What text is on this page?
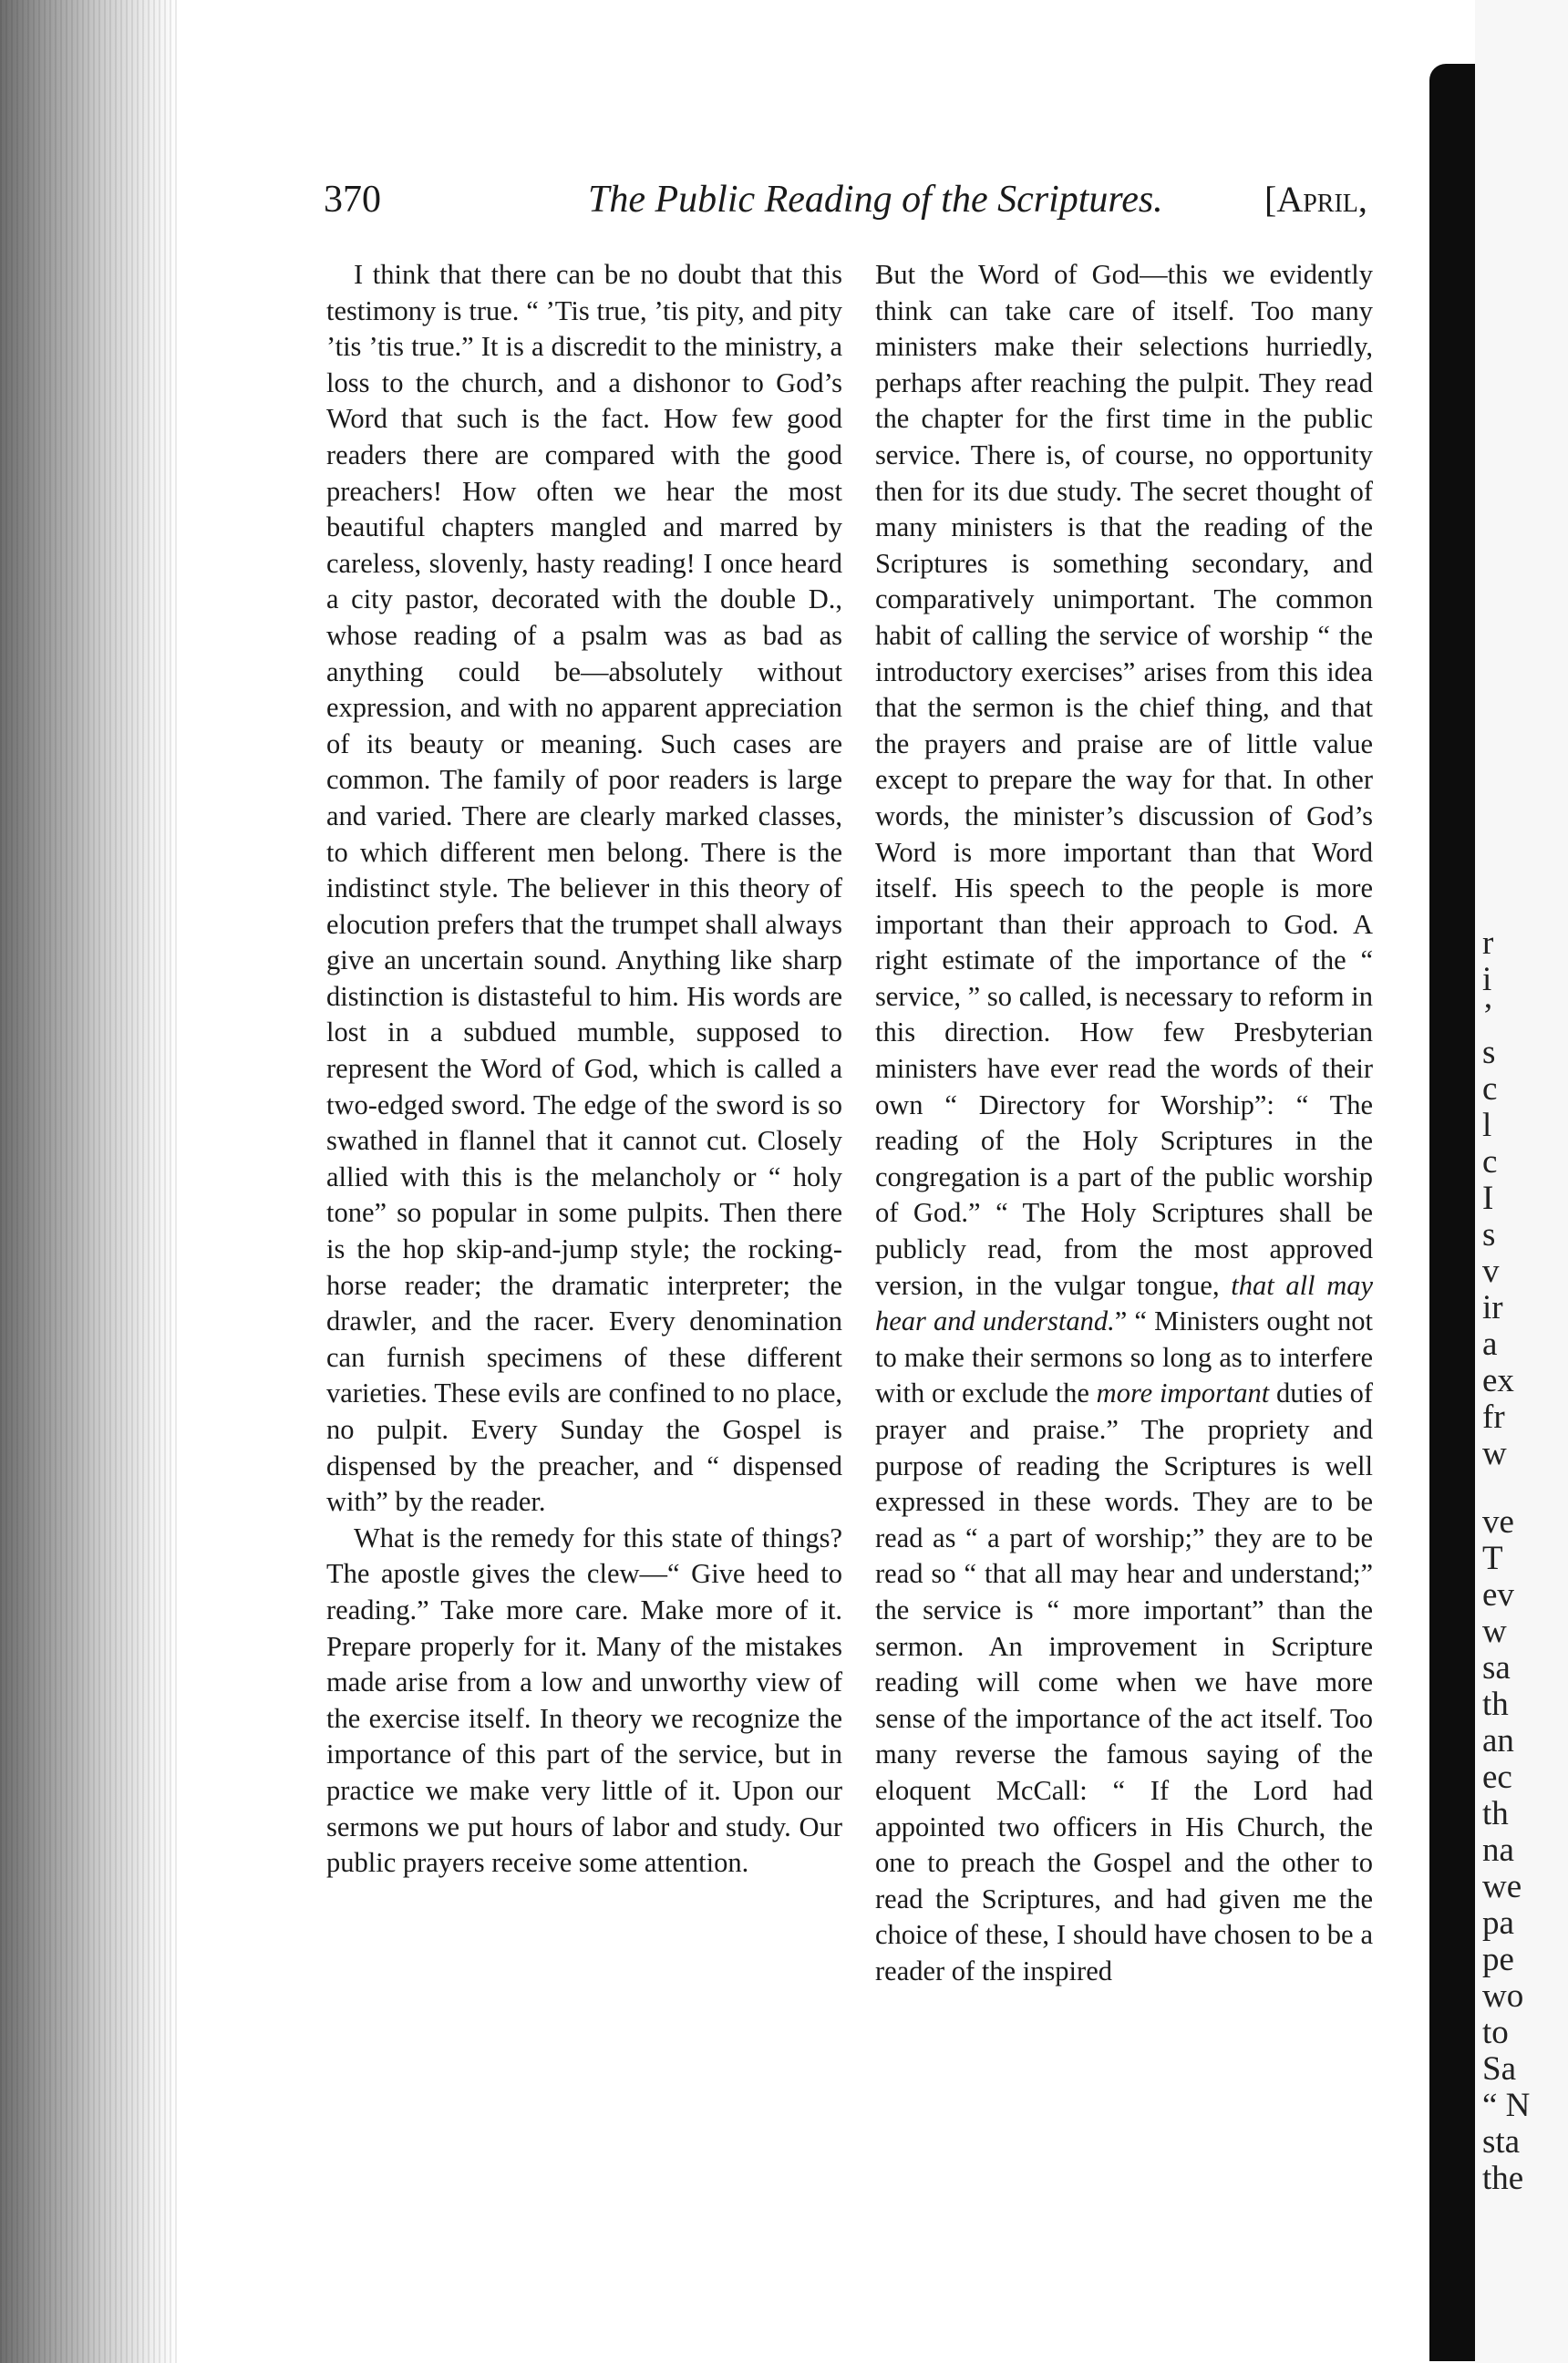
370	The Public Reading of the Scriptures.	[April,

I think that there can be no doubt that this testimony is true. “ ’Tis true, ’tis pity, and pity ’tis ’tis true.” It is a discredit to the ministry, a loss to the church, and a dishonor to God’s Word that such is the fact. How few good readers there are compared with the good preachers! How often we hear the most beautiful chapters mangled and marred by careless, slovenly, hasty reading! I once heard a city pastor, decorated with the double D., whose reading of a psalm was as bad as anything could be—absolutely without expression, and with no apparent appreciation of its beauty or meaning. Such cases are common. The family of poor readers is large and varied. There are clearly marked classes, to which different men belong. There is the indistinct style. The believer in this theory of elocution prefers that the trumpet shall always give an uncertain sound. Anything like sharp distinction is distasteful to him. His words are lost in a subdued mumble, supposed to represent the Word of God, which is called a two-edged sword. The edge of the sword is so swathed in flannel that it cannot cut. Closely allied with this is the melancholy or “ holy tone” so popular in some pulpits. Then there is the hop skip-and-jump style; the rocking-horse reader; the dramatic interpreter; the drawler, and the racer. Every denomination can furnish specimens of these different varieties. These evils are confined to no place, no pulpit. Every Sunday the Gospel is dispensed by the preacher, and “ dispensed with” by the reader.

What is the remedy for this state of things? The apostle gives the clew—“ Give heed to reading.” Take more care. Make more of it. Prepare properly for it. Many of the mistakes made arise from a low and unworthy view of the exercise itself. In theory we recognize the importance of this part of the service, but in practice we make very little of it. Upon our sermons we put hours of labor and study. Our public prayers receive some attention.

But the Word of God—this we evidently think can take care of itself. Too many ministers make their selections hurriedly, perhaps after reaching the pulpit. They read the chapter for the first time in the public service. There is, of course, no opportunity then for its due study. The secret thought of many ministers is that the reading of the Scriptures is something secondary, and comparatively unimportant. The common habit of calling the service of worship “ the introductory exercises” arises from this idea that the sermon is the chief thing, and that the prayers and praise are of little value except to prepare the way for that. In other words, the minister’s discussion of God’s Word is more important than that Word itself. His speech to the people is more important than their approach to God. A right estimate of the importance of the “ service, ” so called, is necessary to reform in this direction. How few Presbyterian ministers have ever read the words of their own “ Directory for Worship”: “ The reading of the Holy Scriptures in the congregation is a part of the public worship of God.” “ The Holy Scriptures shall be publicly read, from the most approved version, in the vulgar tongue, that all may hear and understand.” “ Ministers ought not to make their sermons so long as to interfere with or exclude the more important duties of prayer and praise.” The propriety and purpose of reading the Scriptures is well expressed in these words. They are to be read as “ a part of worship;” they are to be read so “ that all may hear and understand;” the service is “ more important” than the sermon. An improvement in Scripture reading will come when we have more sense of the importance of the act itself. Too many reverse the famous saying of the eloquent McCall: “ If the Lord had appointed two officers in His Church, the one to preach the Gospel and the other to read the Scriptures, and had given me the choice of these, I should have chosen to be a reader of the inspired

r
i
’
s
c
l
c
I
s
v
ir
a
ex
fr
w
ve
T
ev
w
sa
th
an
ec
th
na
we
pa
pe
wo
to
Sa
“ N
sta
the
